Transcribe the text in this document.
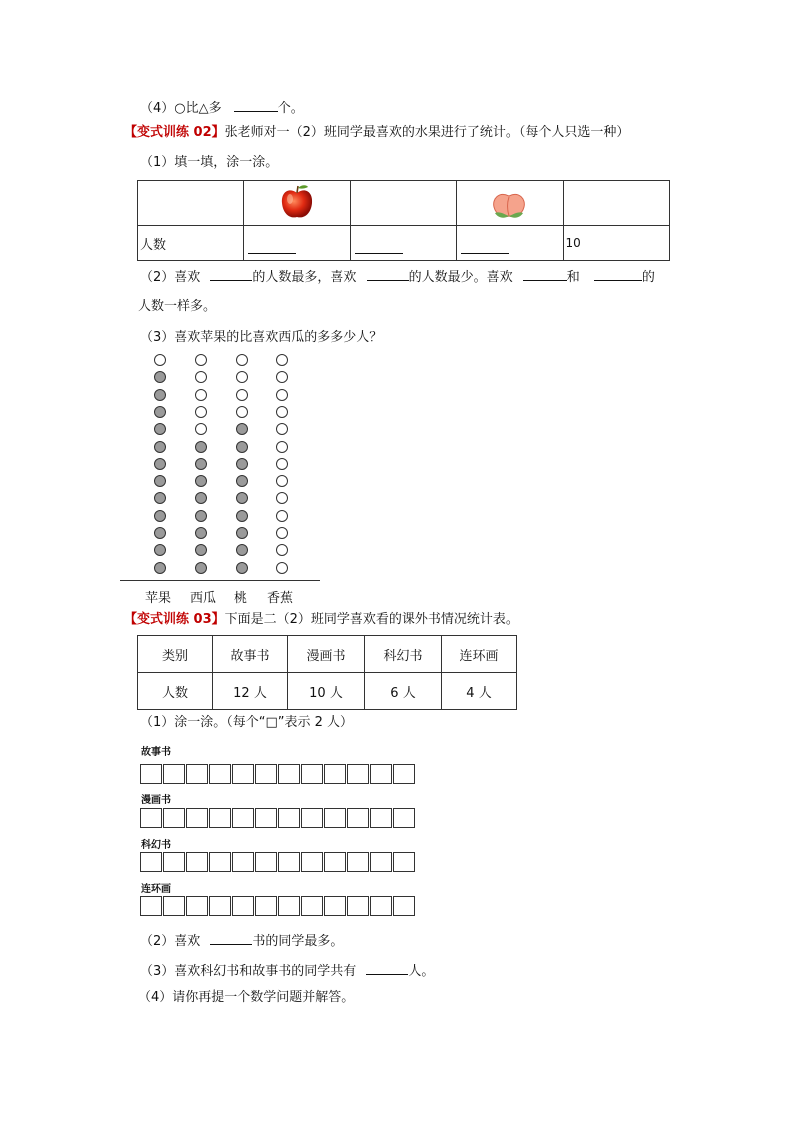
（4）○比△多	个。
【变式训练 02】张老师对一（2）班同学最喜欢的水果进行了统计。（每个人只选一种）
（1）填一填，涂一涂。

人数				10
（2）喜欢	的人数最多，喜欢	的人数最少。喜欢	和	的
人数一样多。
（3）喜欢苹果的比喜欢西瓜的多多少人？
苹果 西瓜 桃 香蕉
【变式训练 03】下面是二（2）班同学喜欢看的课外书情况统计表。
类别	故事书	漫画书	科幻书	连环画
人数	12 人	10 人	6 人	4 人
（1）涂一涂。（每个“□”表示 2 人）
故事书
漫画书
科幻书
连环画
（2）喜欢	书的同学最多。
（3）喜欢科幻书和故事书的同学共有	人。
（4）请你再提一个数学问题并解答。
